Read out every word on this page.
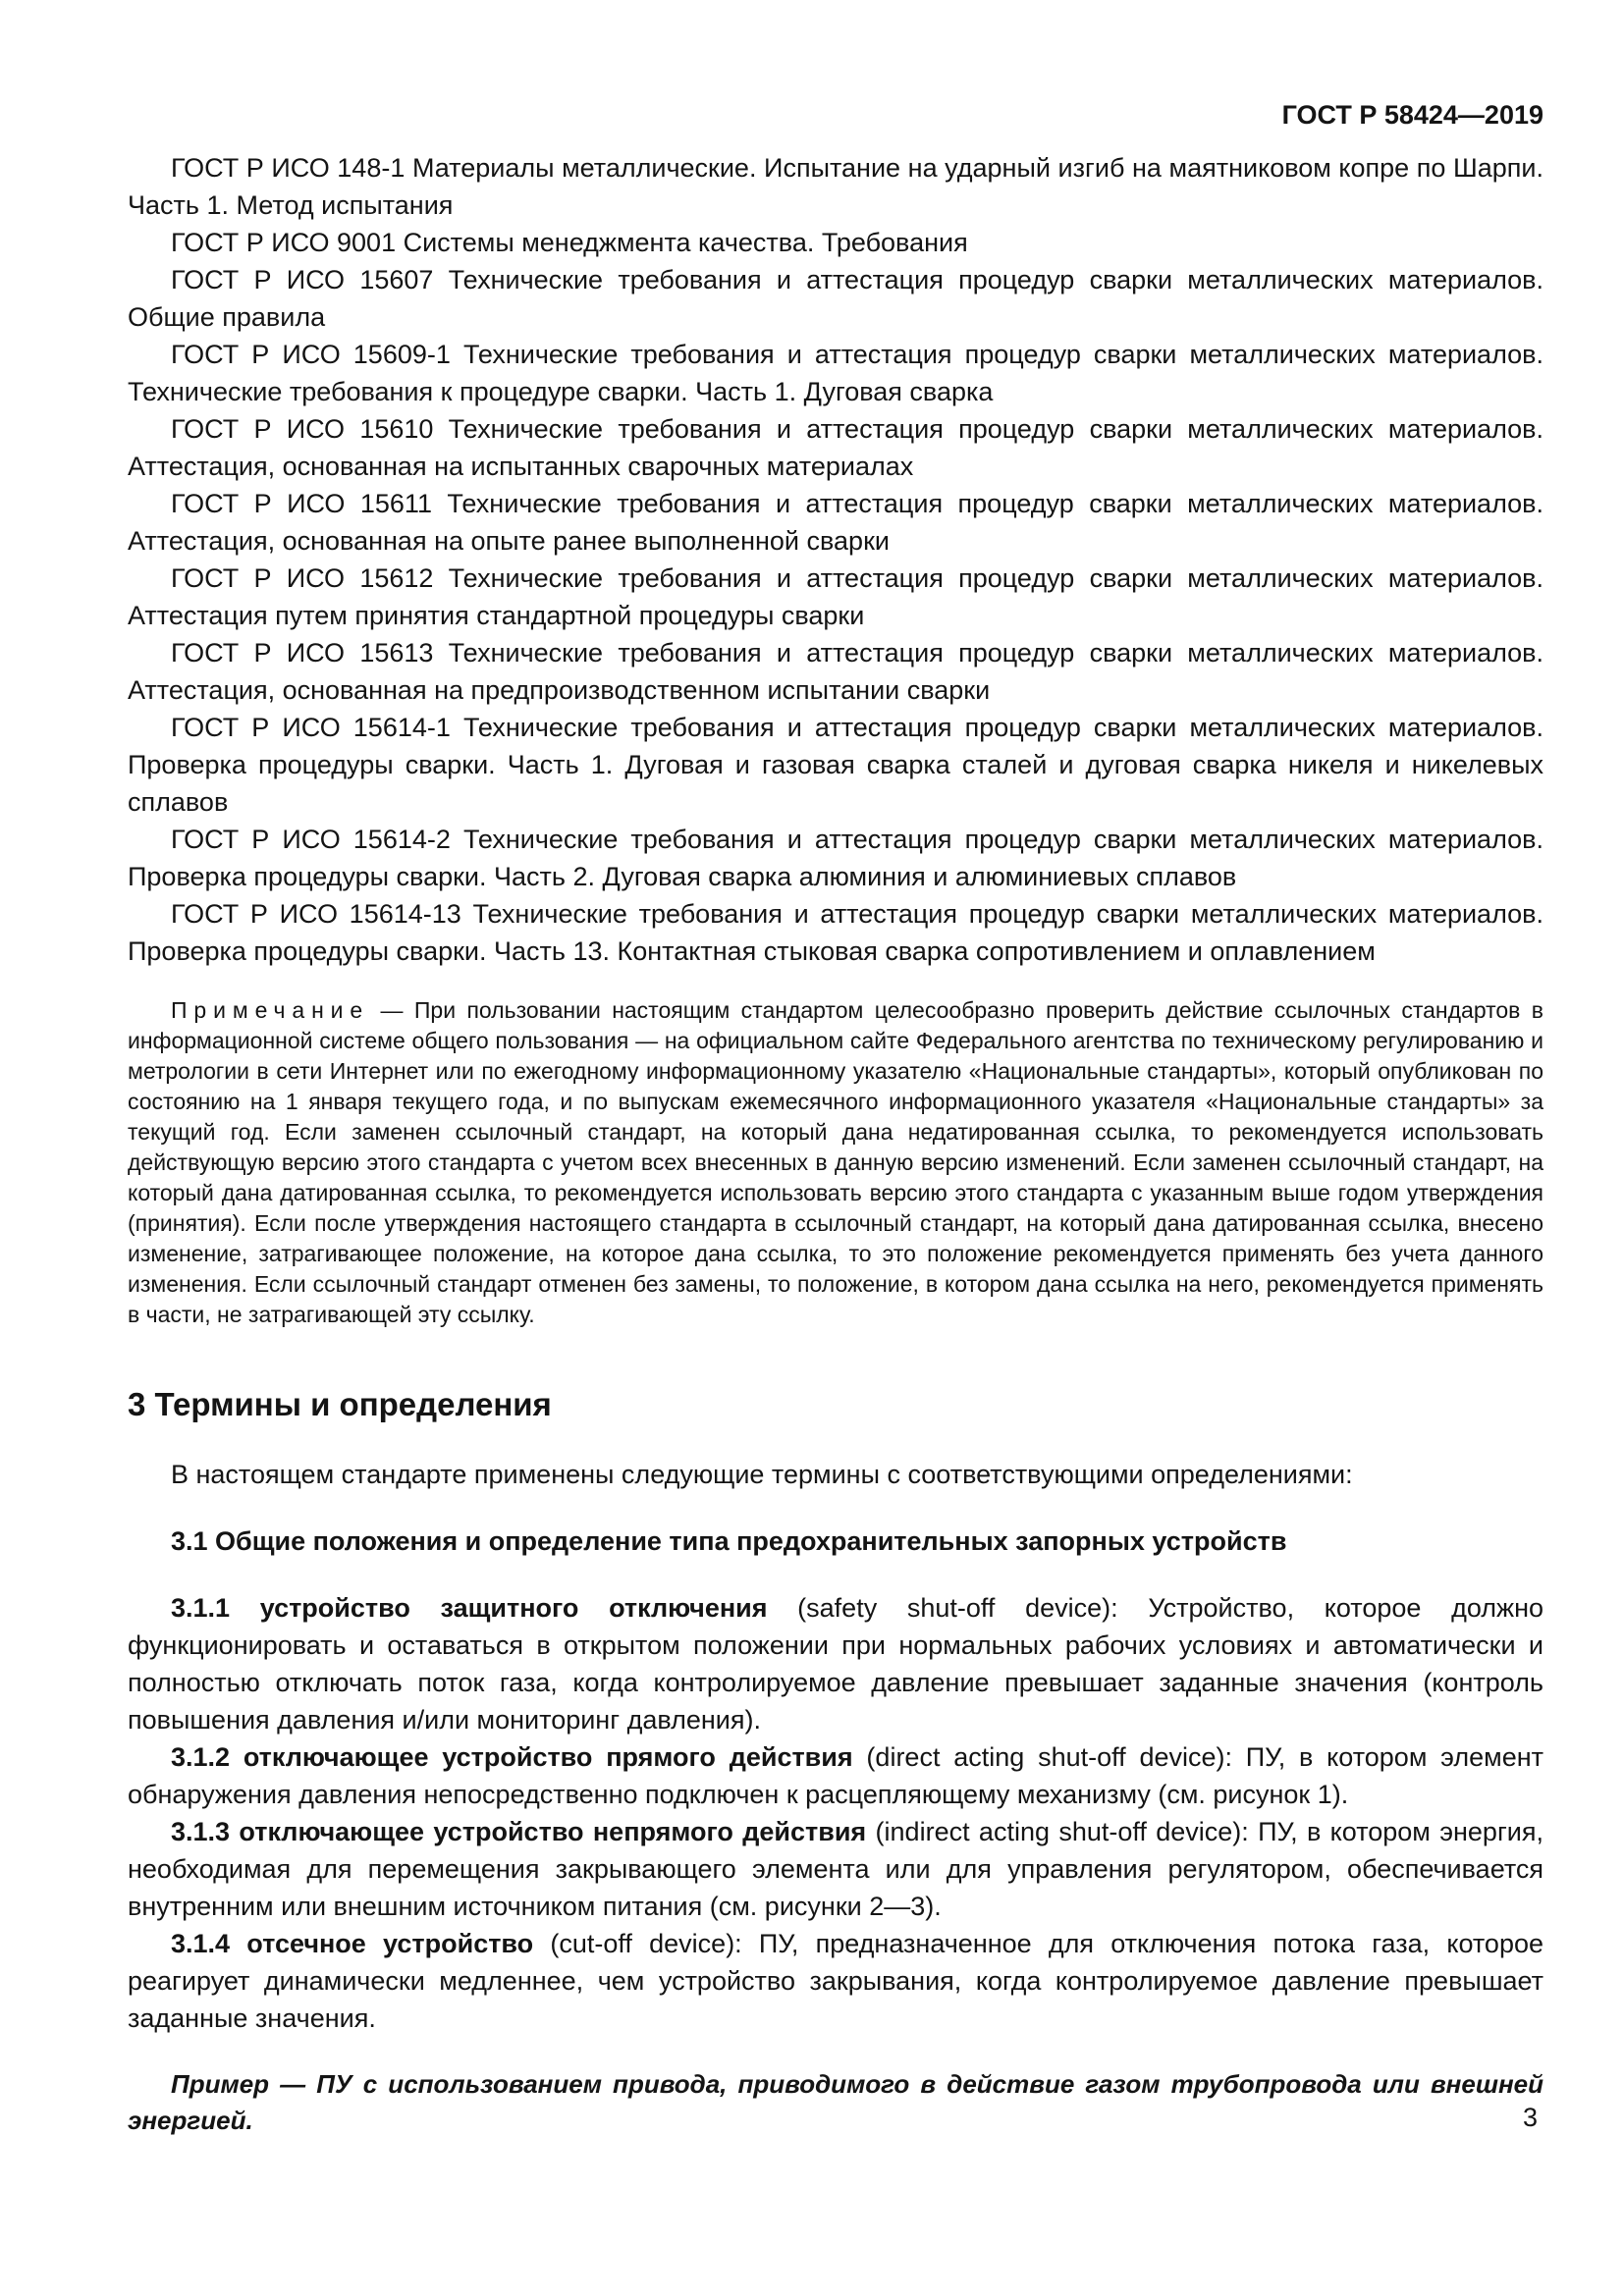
ГОСТ Р 58424—2019

ГОСТ Р ИСО 148-1 Материалы металлические. Испытание на ударный изгиб на маятниковом копре по Шарпи. Часть 1. Метод испытания

ГОСТ Р ИСО 9001 Системы менеджмента качества. Требования

ГОСТ Р ИСО 15607 Технические требования и аттестация процедур сварки металлических материалов. Общие правила

ГОСТ Р ИСО 15609-1 Технические требования и аттестация процедур сварки металлических материалов. Технические требования к процедуре сварки. Часть 1. Дуговая сварка

ГОСТ Р ИСО 15610 Технические требования и аттестация процедур сварки металлических материалов. Аттестация, основанная на испытанных сварочных материалах

ГОСТ Р ИСО 15611 Технические требования и аттестация процедур сварки металлических материалов. Аттестация, основанная на опыте ранее выполненной сварки

ГОСТ Р ИСО 15612 Технические требования и аттестация процедур сварки металлических материалов. Аттестация путем принятия стандартной процедуры сварки

ГОСТ Р ИСО 15613 Технические требования и аттестация процедур сварки металлических материалов. Аттестация, основанная на предпроизводственном испытании сварки

ГОСТ Р ИСО 15614-1 Технические требования и аттестация процедур сварки металлических материалов. Проверка процедуры сварки. Часть 1. Дуговая и газовая сварка сталей и дуговая сварка никеля и никелевых сплавов

ГОСТ Р ИСО 15614-2 Технические требования и аттестация процедур сварки металлических материалов. Проверка процедуры сварки. Часть 2. Дуговая сварка алюминия и алюминиевых сплавов

ГОСТ Р ИСО 15614-13 Технические требования и аттестация процедур сварки металлических материалов. Проверка процедуры сварки. Часть 13. Контактная стыковая сварка сопротивлением и оплавлением

Примечание — При пользовании настоящим стандартом целесообразно проверить действие ссылочных стандартов в информационной системе общего пользования — на официальном сайте Федерального агентства по техническому регулированию и метрологии в сети Интернет или по ежегодному информационному указателю «Национальные стандарты», который опубликован по состоянию на 1 января текущего года, и по выпускам ежемесячного информационного указателя «Национальные стандарты» за текущий год. Если заменен ссылочный стандарт, на который дана недатированная ссылка, то рекомендуется использовать действующую версию этого стандарта с учетом всех внесенных в данную версию изменений. Если заменен ссылочный стандарт, на который дана датированная ссылка, то рекомендуется использовать версию этого стандарта с указанным выше годом утверждения (принятия). Если после утверждения настоящего стандарта в ссылочный стандарт, на который дана датированная ссылка, внесено изменение, затрагивающее положение, на которое дана ссылка, то это положение рекомендуется применять без учета данного изменения. Если ссылочный стандарт отменен без замены, то положение, в котором дана ссылка на него, рекомендуется применять в части, не затрагивающей эту ссылку.

3 Термины и определения

В настоящем стандарте применены следующие термины с соответствующими определениями:

3.1 Общие положения и определение типа предохранительных запорных устройств

3.1.1 устройство защитного отключения (safety shut-off device): Устройство, которое должно функционировать и оставаться в открытом положении при нормальных рабочих условиях и автоматически и полностью отключать поток газа, когда контролируемое давление превышает заданные значения (контроль повышения давления и/или мониторинг давления).

3.1.2 отключающее устройство прямого действия (direct acting shut-off device): ПУ, в котором элемент обнаружения давления непосредственно подключен к расцепляющему механизму (см. рисунок 1).

3.1.3 отключающее устройство непрямого действия (indirect acting shut-off device): ПУ, в котором энергия, необходимая для перемещения закрывающего элемента или для управления регулятором, обеспечивается внутренним или внешним источником питания (см. рисунки 2—3).

3.1.4 отсечное устройство (cut-off device): ПУ, предназначенное для отключения потока газа, которое реагирует динамически медленнее, чем устройство закрывания, когда контролируемое давление превышает заданные значения.

Пример — ПУ с использованием привода, приводимого в действие газом трубопровода или внешней энергией.	3
